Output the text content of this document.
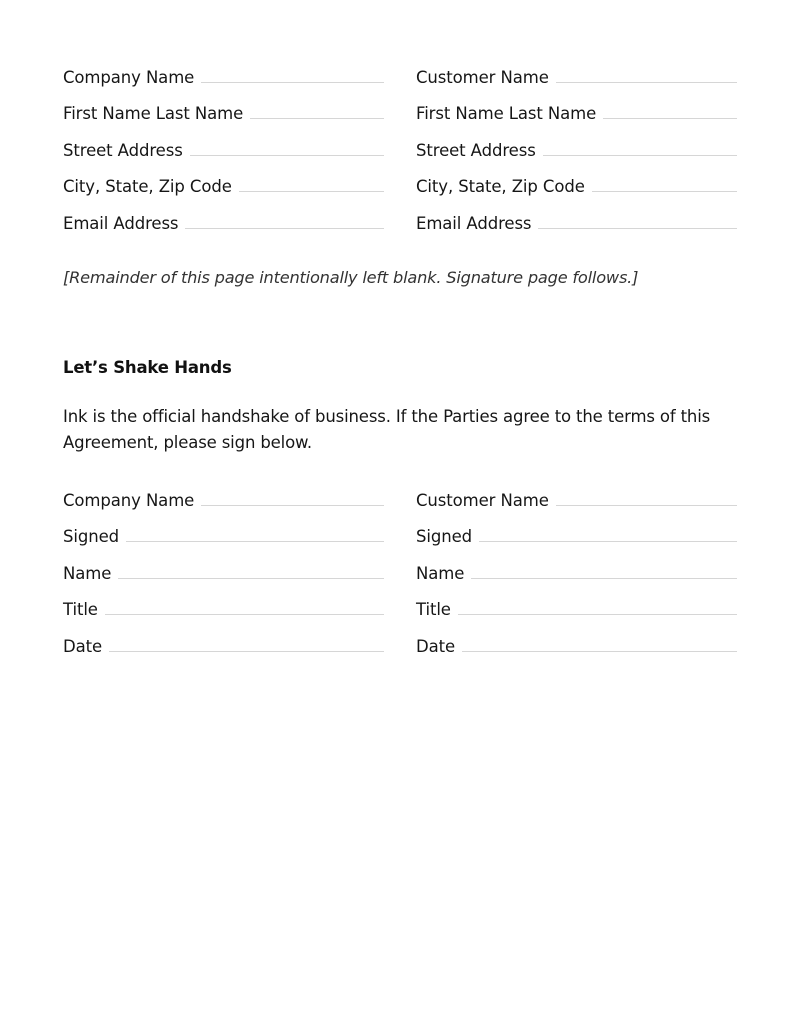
Company Name
First Name Last Name
Street Address
City, State, Zip Code
Email Address
Customer Name
First Name Last Name
Street Address
City, State, Zip Code
Email Address
[Remainder of this page intentionally left blank. Signature page follows.]
Let’s Shake Hands
Ink is the official handshake of business. If the Parties agree to the terms of this Agreement, please sign below.
Company Name
Signed
Name
Title
Date
Customer Name
Signed
Name
Title
Date
